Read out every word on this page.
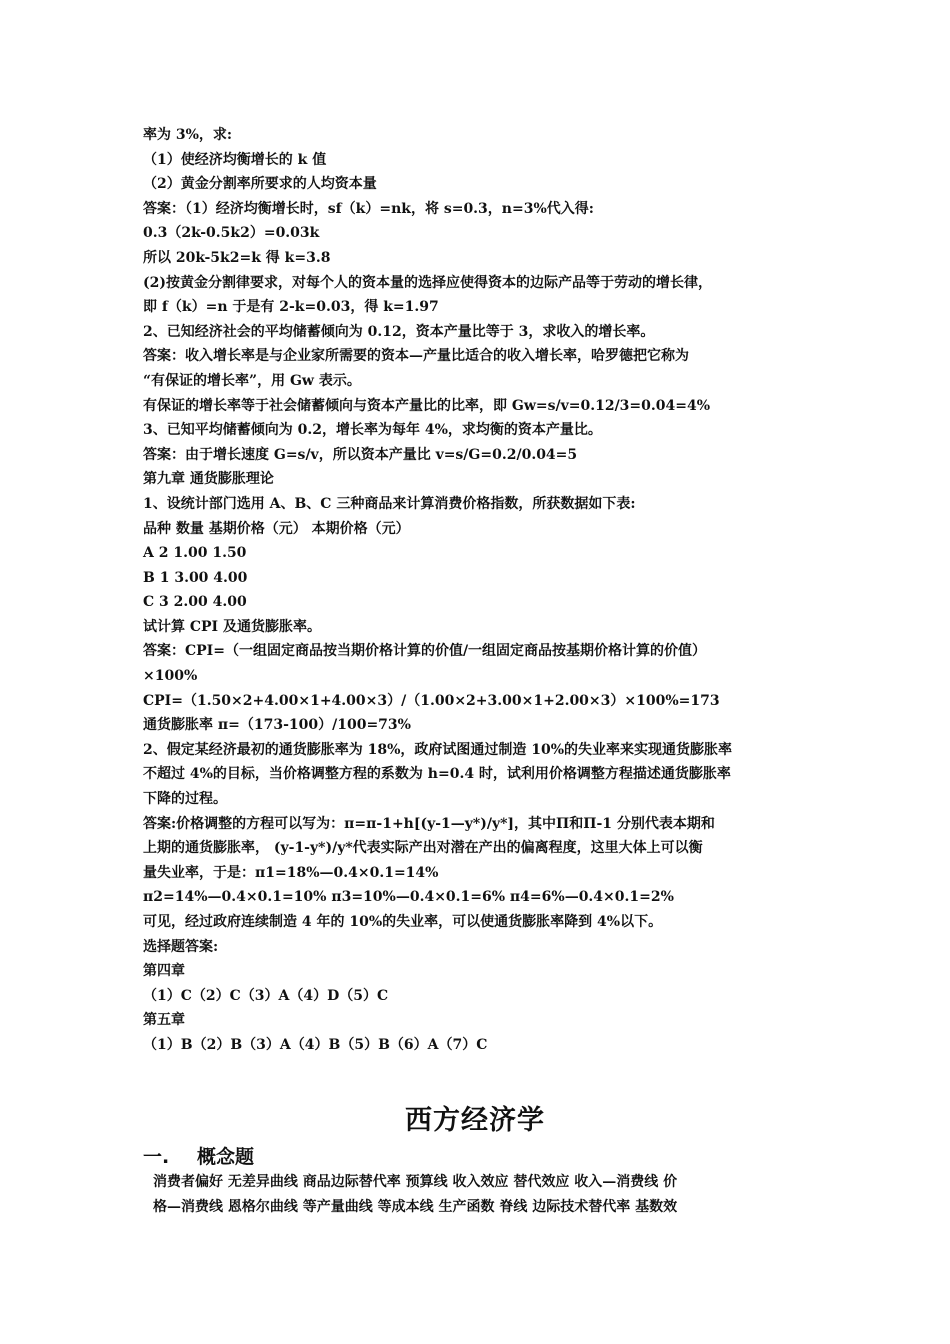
率为 3%，求:
（1）使经济均衡增长的 k 值
（2）黄金分割率所要求的人均资本量
答案：（1）经济均衡增长时，sf（k）=nk，将 s=0.3，n=3%代入得:
0.3（2k-0.5k2）=0.03k
所以 20k-5k2=k 得 k=3.8
(2)按黄金分割律要求，对每个人的资本量的选择应使得资本的边际产品等于劳动的增长律，
即 f（k）=n 于是有 2-k=0.03，得 k=1.97
2、已知经济社会的平均储蓄倾向为 0.12，资本产量比等于 3，求收入的增长率。
答案：收入增长率是与企业家所需要的资本—产量比适合的收入增长率，哈罗德把它称为
“有保证的增长率”，用 Gw 表示。
有保证的增长率等于社会储蓄倾向与资本产量比的比率，即 Gw=s/v=0.12/3=0.04=4%
3、已知平均储蓄倾向为 0.2，增长率为每年 4%，求均衡的资本产量比。
答案：由于增长速度 G=s/v，所以资本产量比 v=s/G=0.2/0.04=5
第九章 通货膨胀理论
1、设统计部门选用 A、B、C 三种商品来计算消费价格指数，所获数据如下表:
品种 数量 基期价格（元） 本期价格（元）
A 2 1.00 1.50
B 1 3.00 4.00
C 3 2.00 4.00
试计算 CPI 及通货膨胀率。
答案：CPI=（一组固定商品按当期价格计算的价值/一组固定商品按基期价格计算的价值）
×100%
CPI=（1.50×2+4.00×1+4.00×3）/（1.00×2+3.00×1+2.00×3）×100%=173
通货膨胀率 π=（173-100）/100=73%
2、假定某经济最初的通货膨胀率为 18%，政府试图通过制造 10%的失业率来实现通货膨胀率
不超过 4%的目标，当价格调整方程的系数为 h=0.4 时，试利用价格调整方程描述通货膨胀率
下降的过程。
答案:价格调整的方程可以写为：π=π-1+h[(y-1—y*)/y*]，其中Π和Π-1 分别代表本期和
上期的通货膨胀率， (y-1-y*)/y*代表实际产出对潜在产出的偏离程度，这里大体上可以衡
量失业率，于是：π1=18%—0.4×0.1=14%
π2=14%—0.4×0.1=10% π3=10%—0.4×0.1=6% π4=6%—0.4×0.1=2%
可见，经过政府连续制造 4 年的 10%的失业率，可以使通货膨胀率降到 4%以下。
选择题答案:
第四章
（1）C（2）C（3）A（4）D（5）C
第五章
（1）B（2）B（3）A（4）B（5）B（6）A（7）C
西方经济学
一. 概念题
消费者偏好 无差异曲线 商品边际替代率 预算线 收入效应 替代效应 收入—消费线 价
格—消费线 恩格尔曲线 等产量曲线 等成本线 生产函数 脊线 边际技术替代率 基数效
